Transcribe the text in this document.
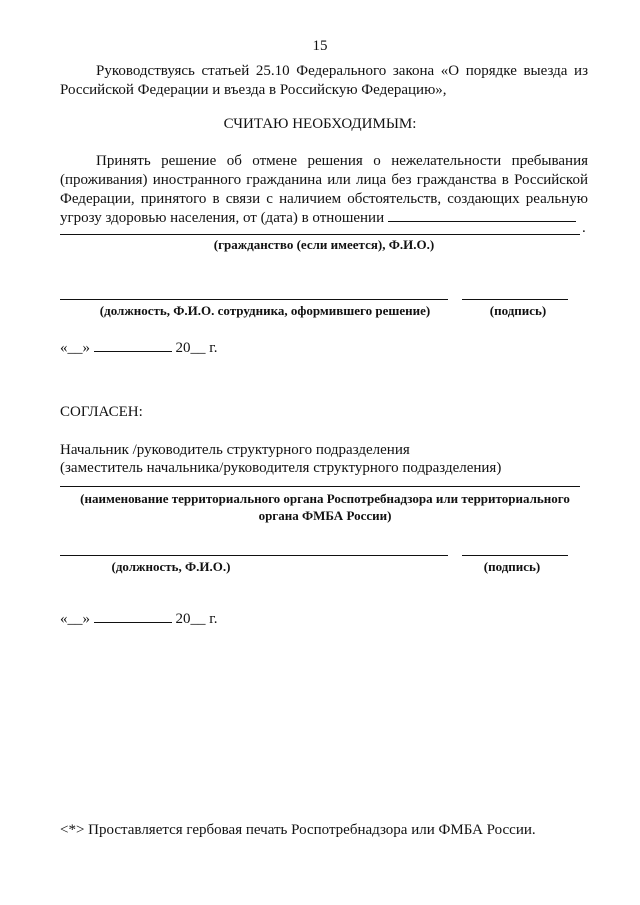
15

Руководствуясь статьей 25.10 Федерального закона «О порядке выезда из Российской Федерации и въезда в Российскую Федерацию»,

СЧИТАЮ НЕОБХОДИМЫМ:

Принять решение об отмене решения о нежелательности пребывания (проживания) иностранного гражданина или лица без гражданства в Российской Федерации, принятого в связи с наличием обстоятельств, создающих реальную угрозу здоровью населения, от (дата) в отношении

.
(гражданство (если имеется), Ф.И.О.)
(должность, Ф.И.О. сотрудника, оформившего решение)	(подпись)
«__»	20__ г.
СОГЛАСЕН:
Начальник /руководитель структурного подразделения
(заместитель начальника/руководителя структурного подразделения)
(наименование территориального органа Роспотребнадзора или территориального органа ФМБА России)
(должность, Ф.И.О.)	(подпись)
«__»	20__ г.
<*> Проставляется гербовая печать Роспотребнадзора или ФМБА России.
